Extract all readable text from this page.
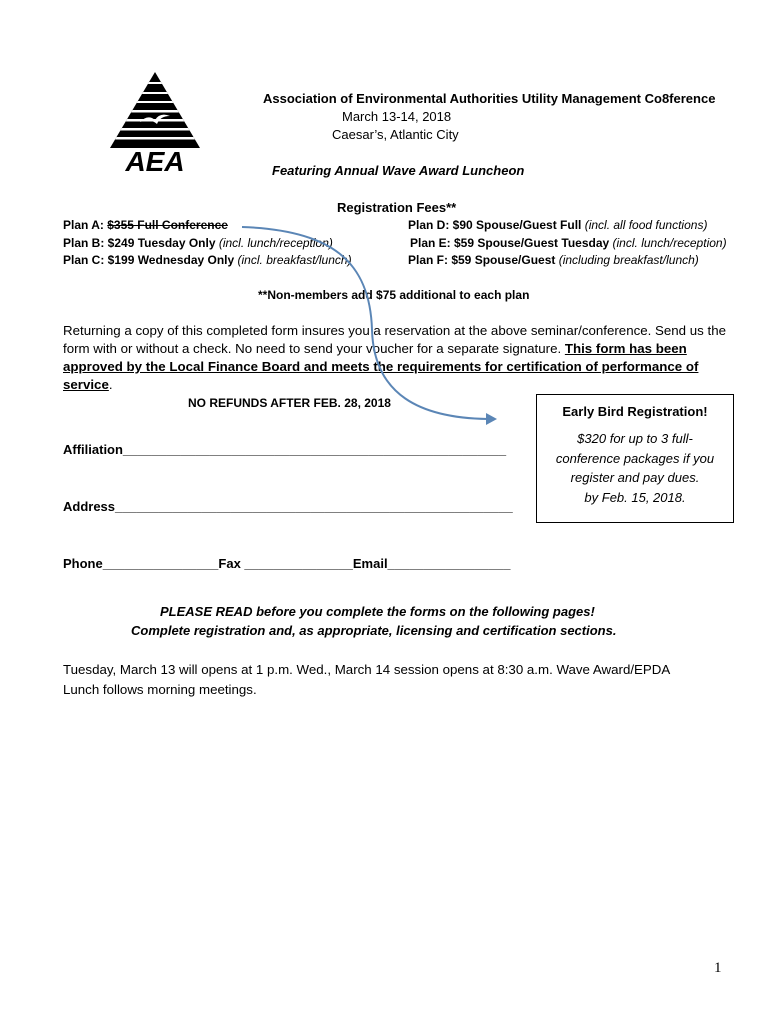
AEA
Association of Environmental Authorities Utility Management Co8ference
March 13-14, 2018
Caesar’s, Atlantic City
Featuring Annual Wave Award Luncheon
Registration Fees**
Plan A: $355 Full Conference
Plan B: $249 Tuesday Only (incl. lunch/reception)
Plan C: $199 Wednesday Only (incl. breakfast/lunch)
Plan D: $90 Spouse/Guest Full (incl. all food functions)
Plan E: $59 Spouse/Guest Tuesday (incl. lunch/reception)
Plan F: $59 Spouse/Guest (including breakfast/lunch)
**Non-members add $75 additional to each plan
Returning a copy of this completed form insures you a reservation at the above seminar/conference. Send us the form with or without a check. No need to send your voucher for a separate signature. This form has been approved by the Local Finance Board and meets the requirements for certification of performance of service.
NO REFUNDS AFTER FEB. 28, 2018
Early Bird Registration!
$320 for up to 3 full-
conference packages if you
register and pay dues.
by Feb. 15, 2018.
Affiliation_____________________________________________________
Address_______________________________________________________
Phone________________Fax _______________Email_________________
PLEASE READ before you complete the forms on the following pages!
Complete registration and, as appropriate, licensing and certification sections.
Tuesday, March 13 will opens at 1 p.m. Wed., March 14 session opens at 8:30 a.m. Wave Award/EPDA Lunch follows morning meetings.
1
